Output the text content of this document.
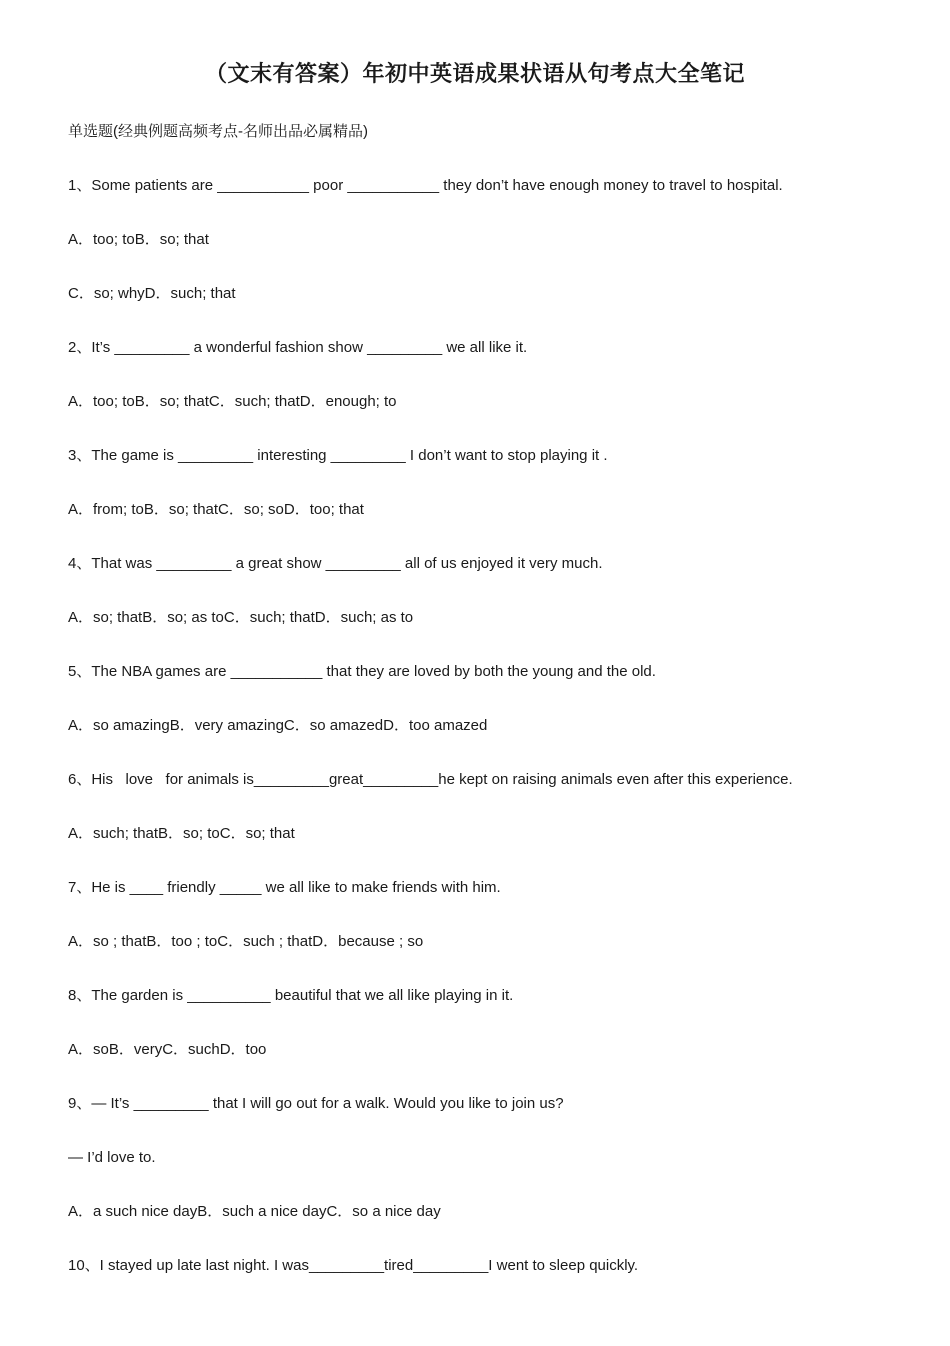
（文末有答案）年初中英语成果状语从句考点大全笔记
单选题(经典例题高频考点-名师出品必属精品)
1、Some patients are ___________ poor ___________ they don’t have enough money to travel to hospital.
A．too; toB．so; that
C．so; whyD．such; that
2、It’s _________ a wonderful fashion show _________ we all like it.
A．too; toB．so; thatC．such; thatD．enough; to
3、The game is _________ interesting _________ I don’t want to stop playing it .
A．from; toB．so; thatC．so; soD．too; that
4、That was _________ a great show _________ all of us enjoyed it very much.
A．so; thatB．so; as toC．such; thatD．such; as to
5、The NBA games are ___________ that they are loved by both the young and the old.
A．so amazingB．very amazingC．so amazedD．too amazed
6、His   love   for animals is_________great_________he kept on raising animals even after this experience.
A．such; thatB．so; toC．so; that
7、He is ____ friendly _____ we all like to make friends with him.
A．so ; thatB．too ; toC．such ; thatD．because ; so
8、The garden is __________ beautiful that we all like playing in it.
A．soB．veryC．suchD．too
9、— It’s _________ that I will go out for a walk. Would you like to join us?
— I’d love to.
A．a such nice dayB．such a nice dayC．so a nice day
10、I stayed up late last night. I was_________tired_________I went to sleep quickly.
